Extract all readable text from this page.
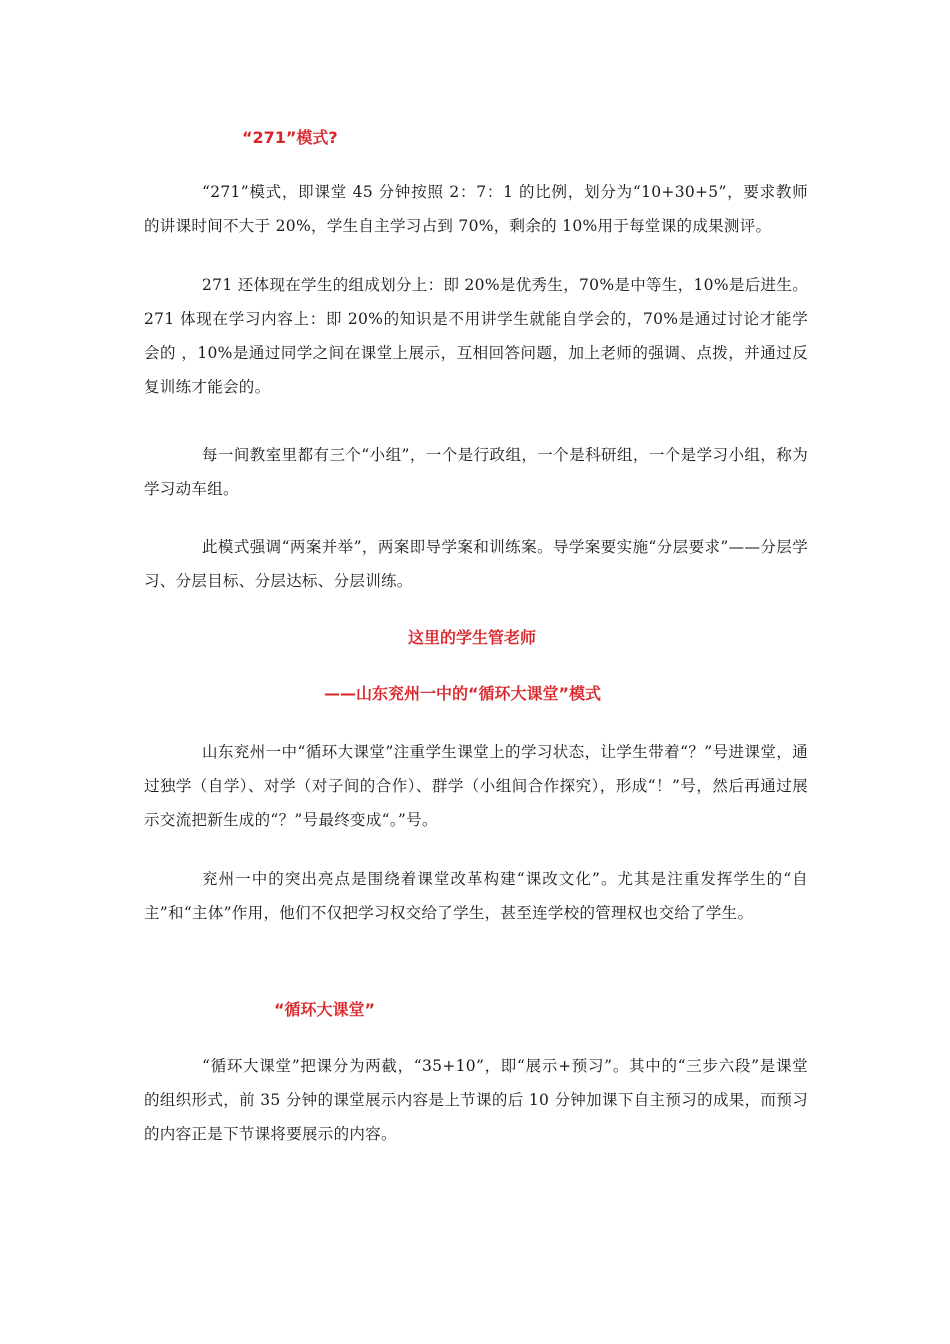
“271”模式?
“271”模式，即课堂 45 分钟按照 2：7：1 的比例，划分为“10+30+5”，要求教师的讲课时间不大于 20%，学生自主学习占到 70%，剩余的 10%用于每堂课的成果测评。
271 还体现在学生的组成划分上：即 20%是优秀生，70%是中等生，10%是后进生。271 体现在学习内容上：即 20%的知识是不用讲学生就能自学会的，70%是通过讨论才能学会的 ，10%是通过同学之间在课堂上展示，互相回答问题，加上老师的强调、点拨，并通过反复训练才能会的。
每一间教室里都有三个“小组”，一个是行政组，一个是科研组，一个是学习小组，称为学习动车组。
此模式强调“两案并举”，两案即导学案和训练案。导学案要实施“分层要求”——分层学习、分层目标、分层达标、分层训练。
这里的学生管老师
——山东兖州一中的“循环大课堂”模式
山东兖州一中“循环大课堂”注重学生课堂上的学习状态，让学生带着“？”号进课堂，通过独学（自学）、对学（对子间的合作）、群学（小组间合作探究），形成“！”号，然后再通过展示交流把新生成的“？”号最终变成“。”号。
兖州一中的突出亮点是围绕着课堂改革构建“课改文化”。尤其是注重发挥学生的“自主”和“主体”作用，他们不仅把学习权交给了学生，甚至连学校的管理权也交给了学生。
“循环大课堂”
“循环大课堂”把课分为两截，“35+10”，即“展示+预习”。其中的“三步六段”是课堂的组织形式，前 35 分钟的课堂展示内容是上节课的后 10 分钟加课下自主预习的成果，而预习的内容正是下节课将要展示的内容。
